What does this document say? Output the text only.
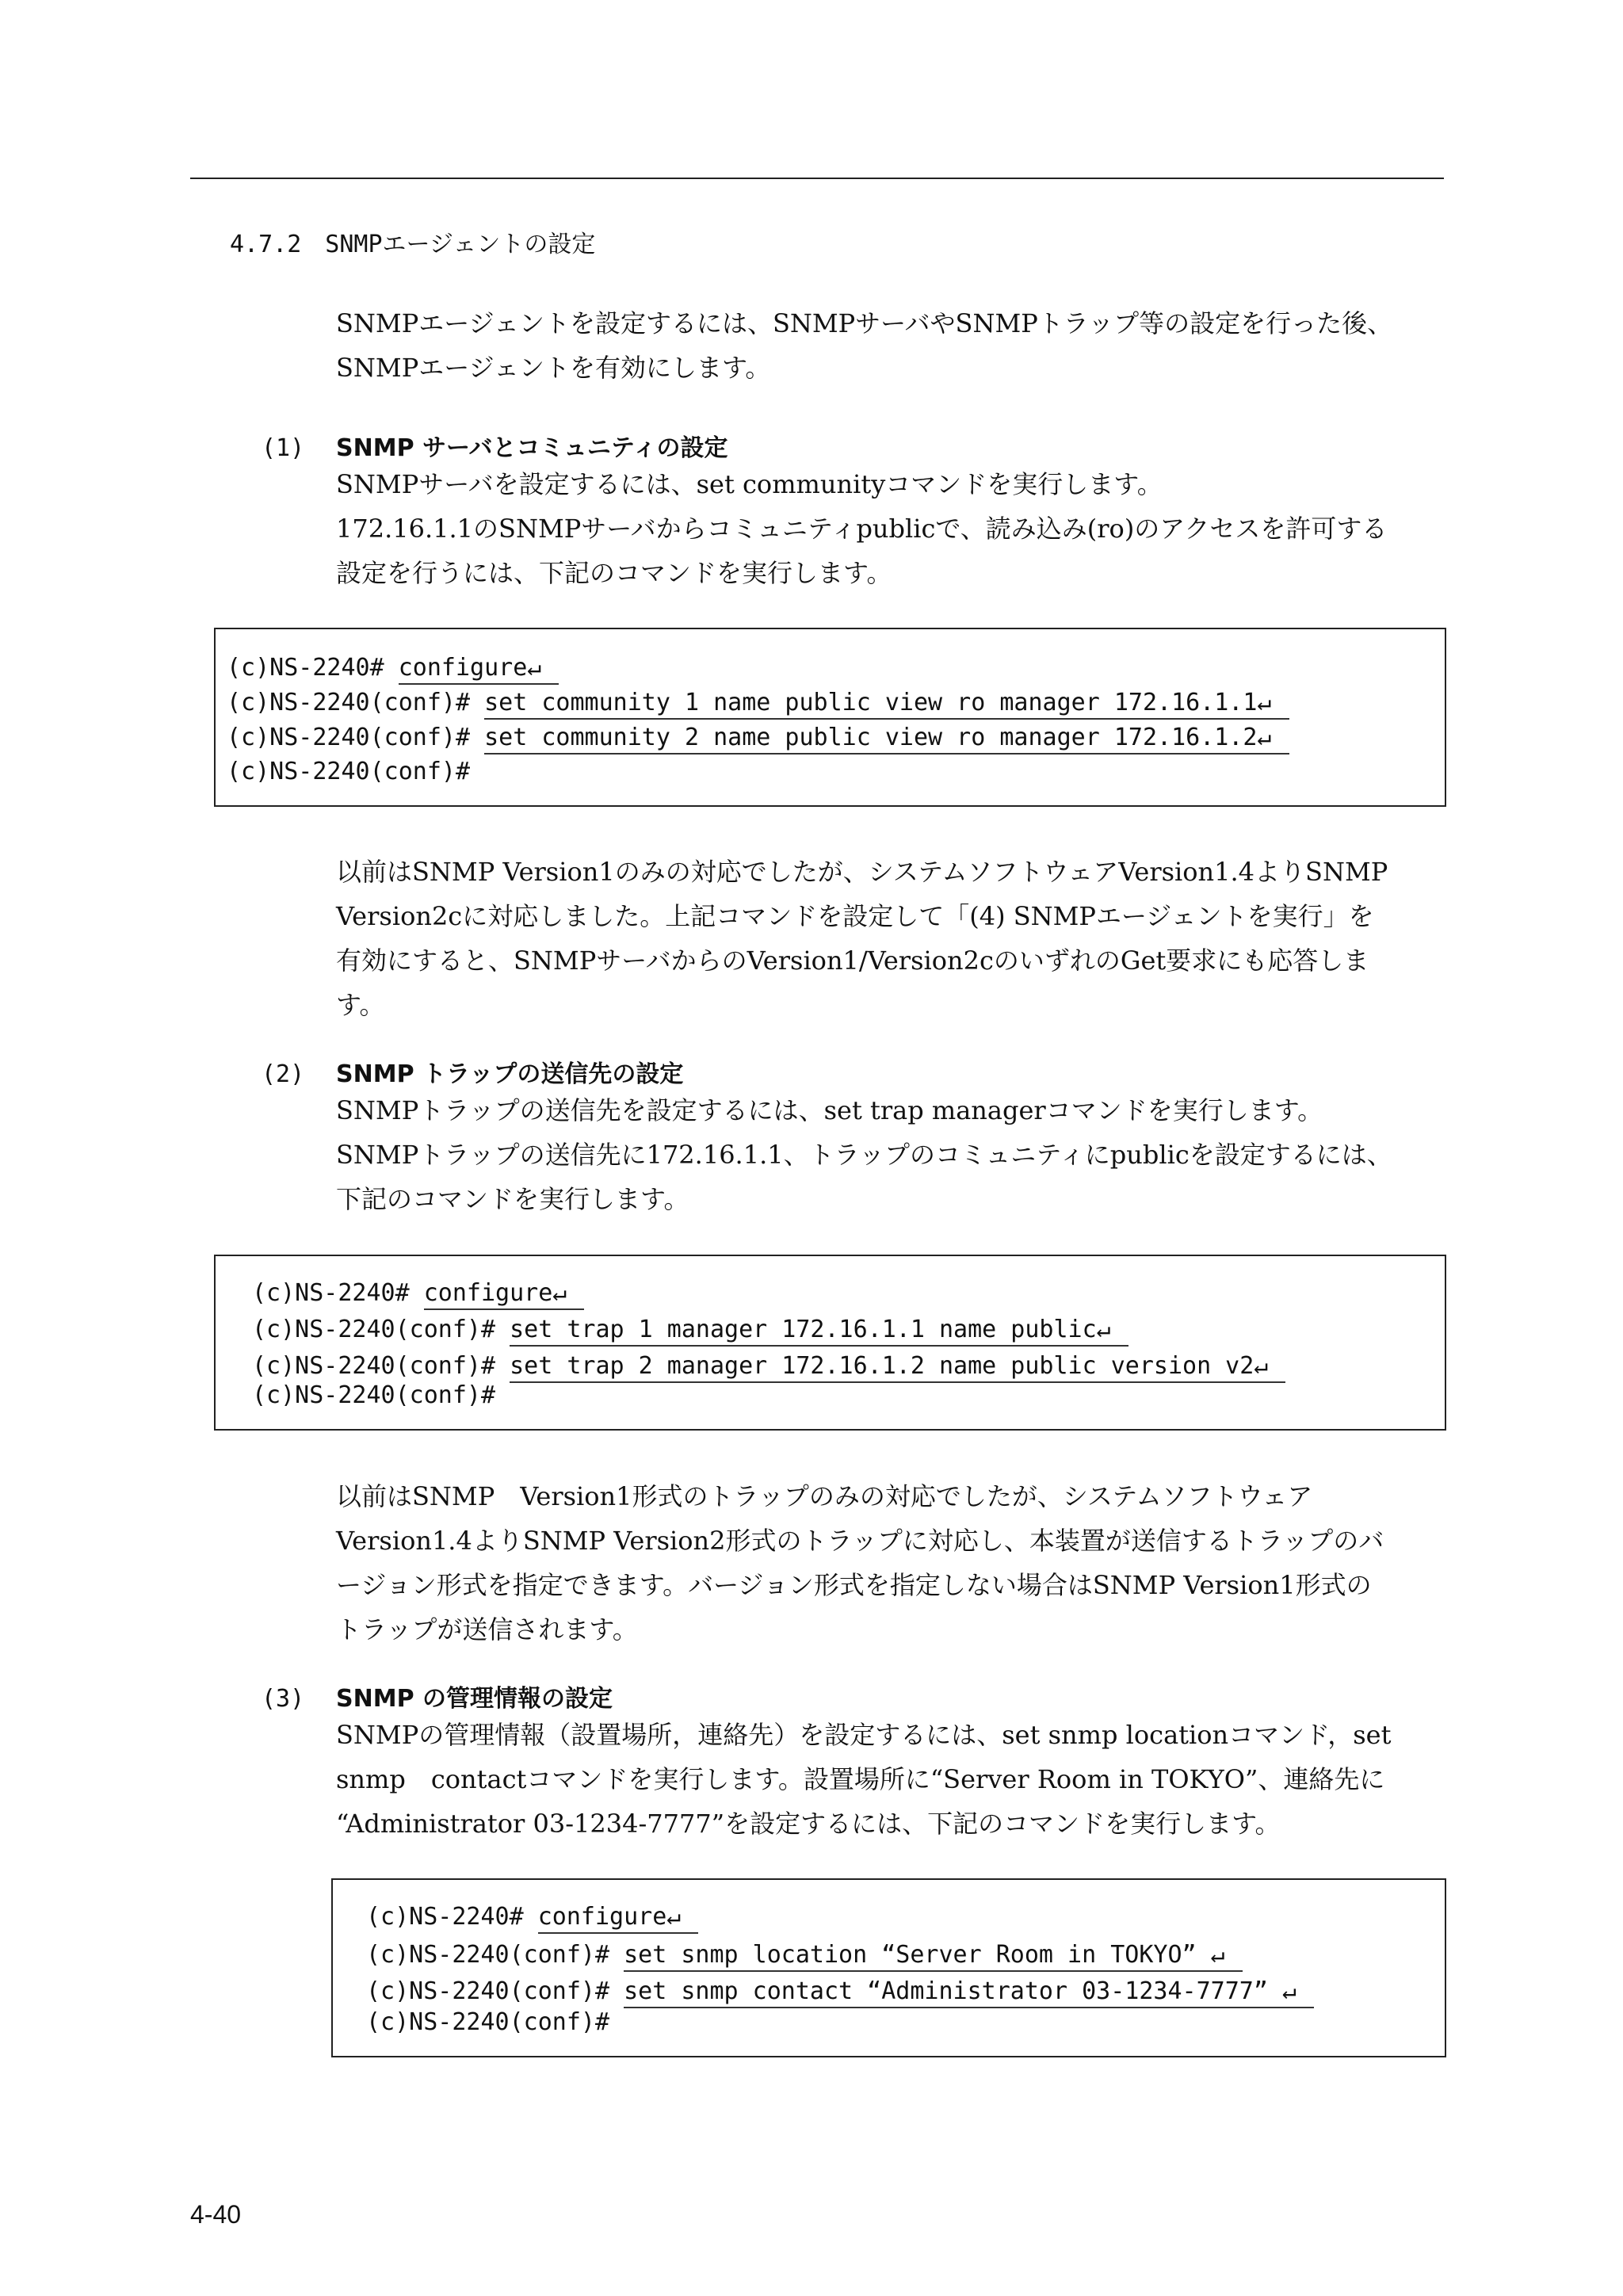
4.7.2　SNMPエージェントの設定
SNMPエージェントを設定するには、SNMPサーバやSNMPトラップ等の設定を行った後、
SNMPエージェントを有効にします。
(1) SNMP サーバとコミュニティの設定
SNMPサーバを設定するには、set communityコマンドを実行します。
172.16.1.1のSNMPサーバからコミュニティpublicで、読み込み(ro)のアクセスを許可する
設定を行うには、下記のコマンドを実行します。
(c)NS-2240# configure↵
(c)NS-2240(conf)# set community 1 name public view ro manager 172.16.1.1↵
(c)NS-2240(conf)# set community 2 name public view ro manager 172.16.1.2↵
(c)NS-2240(conf)#
以前はSNMP Version1のみの対応でしたが、システムソフトウェアVersion1.4よりSNMP
Version2cに対応しました。上記コマンドを設定して「(4) SNMPエージェントを実行」を
有効にすると、SNMPサーバからのVersion1/Version2cのいずれのGet要求にも応答しま
す。
(2) SNMP トラップの送信先の設定
SNMPトラップの送信先を設定するには、set trap managerコマンドを実行します。
SNMPトラップの送信先に172.16.1.1、トラップのコミュニティにpublicを設定するには、
下記のコマンドを実行します。
(c)NS-2240# configure↵
(c)NS-2240(conf)# set trap 1 manager 172.16.1.1 name public↵
(c)NS-2240(conf)# set trap 2 manager 172.16.1.2 name public version v2↵
(c)NS-2240(conf)#
以前はSNMP　Version1形式のトラップのみの対応でしたが、システムソフトウェア
Version1.4よりSNMP Version2形式のトラップに対応し、本装置が送信するトラップのバ
ージョン形式を指定できます。バージョン形式を指定しない場合はSNMP Version1形式の
トラップが送信されます。
(3) SNMP の管理情報の設定
SNMPの管理情報（設置場所，連絡先）を設定するには、set snmp locationコマンド，set
snmp　contactコマンドを実行します。設置場所に“Server Room in TOKYO”、連絡先に
“Administrator 03-1234-7777”を設定するには、下記のコマンドを実行します。
(c)NS-2240# configure↵
(c)NS-2240(conf)# set snmp location “Server Room in TOKYO” ↵
(c)NS-2240(conf)# set snmp contact “Administrator 03-1234-7777” ↵
(c)NS-2240(conf)#
4-40
